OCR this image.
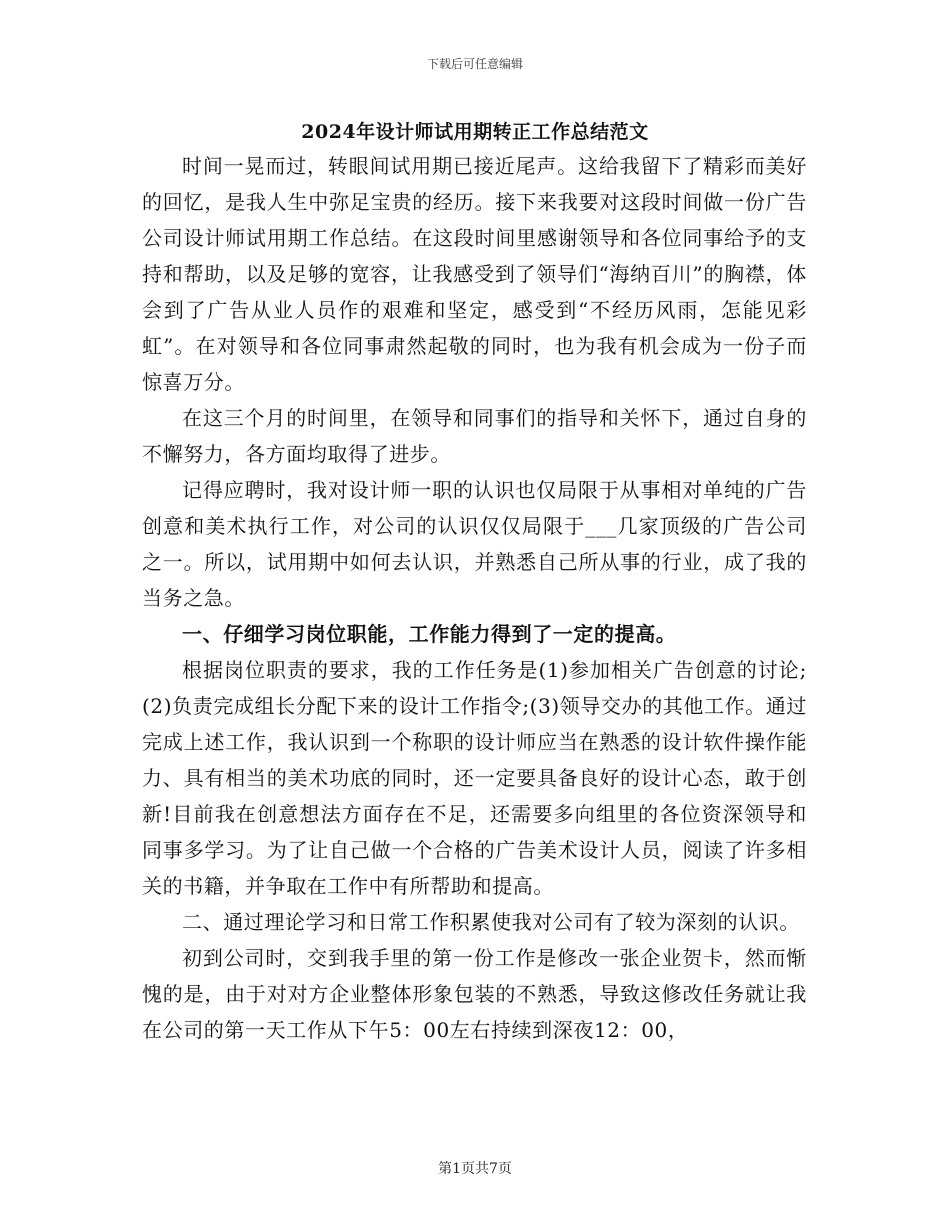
下载后可任意编辑
2024年设计师试用期转正工作总结范文

时间一晃而过，转眼间试用期已接近尾声。这给我留下了精彩而美好的回忆，是我人生中弥足宝贵的经历。接下来我要对这段时间做一份广告公司设计师试用期工作总结。在这段时间里感谢领导和各位同事给予的支持和帮助，以及足够的宽容，让我感受到了领导们“海纳百川”的胸襟，体会到了广告从业人员作的艰难和坚定，感受到“不经历风雨，怎能见彩虹”。在对领导和各位同事肃然起敬的同时，也为我有机会成为一份子而惊喜万分。

在这三个月的时间里，在领导和同事们的指导和关怀下，通过自身的不懈努力，各方面均取得了进步。

记得应聘时，我对设计师一职的认识也仅局限于从事相对单纯的广告创意和美术执行工作，对公司的认识仅仅局限于___几家顶级的广告公司之一。所以，试用期中如何去认识，并熟悉自己所从事的行业，成了我的当务之急。

一、仔细学习岗位职能，工作能力得到了一定的提高。

根据岗位职责的要求，我的工作任务是(1)参加相关广告创意的讨论;(2)负责完成组长分配下来的设计工作指令;(3)领导交办的其他工作。通过完成上述工作，我认识到一个称职的设计师应当在熟悉的设计软件操作能力、具有相当的美术功底的同时，还一定要具备良好的设计心态，敢于创新!目前我在创意想法方面存在不足，还需要多向组里的各位资深领导和同事多学习。为了让自己做一个合格的广告美术设计人员，阅读了许多相关的书籍，并争取在工作中有所帮助和提高。

二、通过理论学习和日常工作积累使我对公司有了较为深刻的认识。

初到公司时，交到我手里的第一份工作是修改一张企业贺卡，然而惭愧的是，由于对对方企业整体形象包装的不熟悉，导致这修改任务就让我在公司的第一天工作从下午5：00左右持续到深夜12：00，

第1页共7页
